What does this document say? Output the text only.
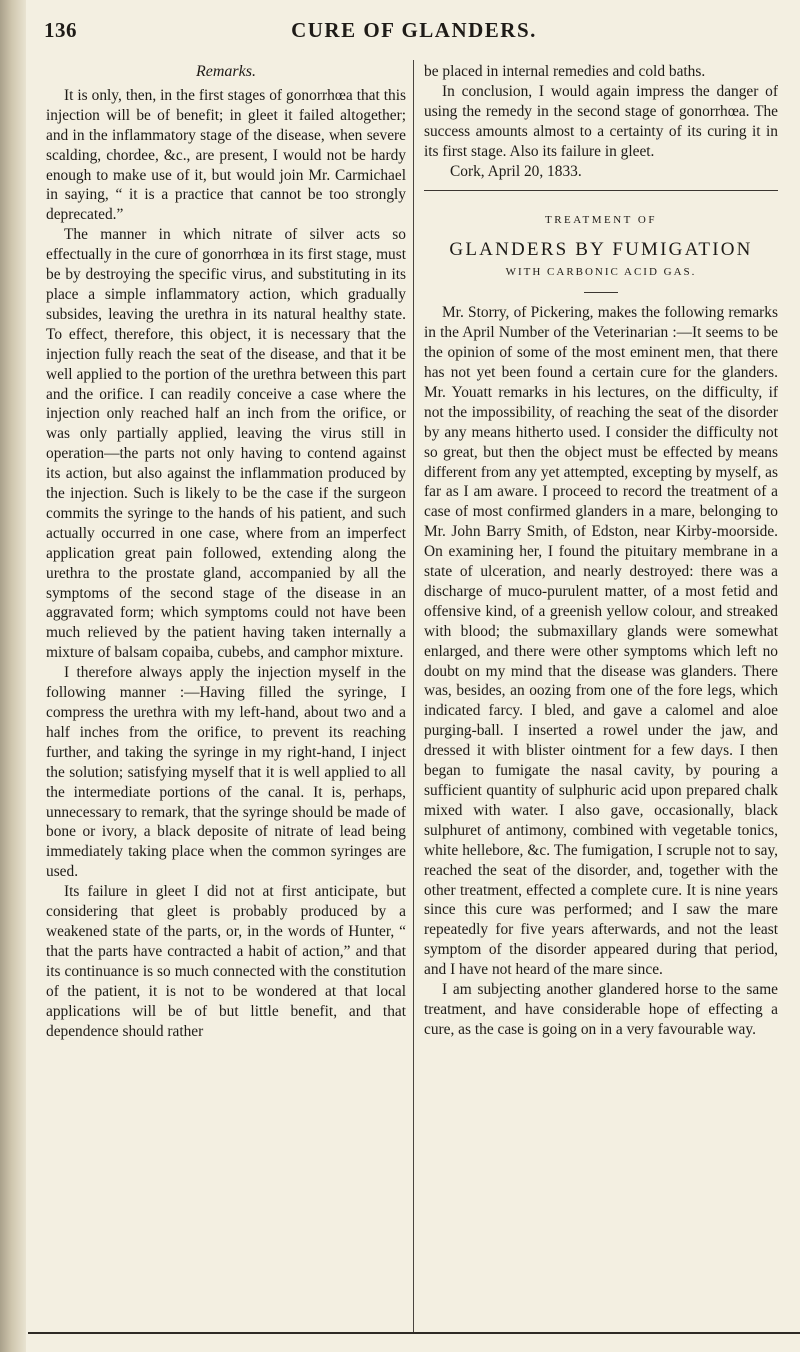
136	CURE OF GLANDERS.

Remarks.

It is only, then, in the first stages of gonorrhœa that this injection will be of benefit; in gleet it failed altogether; and in the inflammatory stage of the disease, when severe scalding, chordee, &c., are present, I would not be hardy enough to make use of it, but would join Mr. Carmichael in saying, “ it is a practice that cannot be too strongly deprecated.”

The manner in which nitrate of silver acts so effectually in the cure of gonorrhœa in its first stage, must be by destroying the specific virus, and substituting in its place a simple inflammatory action, which gradually subsides, leaving the urethra in its natural healthy state. To effect, therefore, this object, it is necessary that the injection fully reach the seat of the disease, and that it be well applied to the portion of the urethra between this part and the orifice. I can readily conceive a case where the injection only reached half an inch from the orifice, or was only partially applied, leaving the virus still in operation—the parts not only having to contend against its action, but also against the inflammation produced by the injection. Such is likely to be the case if the surgeon commits the syringe to the hands of his patient, and such actually occurred in one case, where from an imperfect application great pain followed, extending along the urethra to the prostate gland, accompanied by all the symptoms of the second stage of the disease in an aggravated form; which symptoms could not have been much relieved by the patient having taken internally a mixture of balsam copaiba, cubebs, and camphor mixture.

I therefore always apply the injection myself in the following manner :—Having filled the syringe, I compress the urethra with my left-hand, about two and a half inches from the orifice, to prevent its reaching further, and taking the syringe in my right-hand, I inject the solution; satisfying myself that it is well applied to all the intermediate portions of the canal. It is, perhaps, unnecessary to remark, that the syringe should be made of bone or ivory, a black deposite of nitrate of lead being immediately taking place when the common syringes are used.

Its failure in gleet I did not at first anticipate, but considering that gleet is probably produced by a weakened state of the parts, or, in the words of Hunter, “ that the parts have contracted a habit of action,” and that its continuance is so much connected with the constitution of the patient, it is not to be wondered at that local applications will be of but little benefit, and that dependence should rather

be placed in internal remedies and cold baths.

In conclusion, I would again impress the danger of using the remedy in the second stage of gonorrhœa. The success amounts almost to a certainty of its curing it in its first stage. Also its failure in gleet.

Cork, April 20, 1833.

TREATMENT OF

GLANDERS BY FUMIGATION

WITH CARBONIC ACID GAS.

Mr. Storry, of Pickering, makes the following remarks in the April Number of the Veterinarian :—It seems to be the opinion of some of the most eminent men, that there has not yet been found a certain cure for the glanders. Mr. Youatt remarks in his lectures, on the difficulty, if not the impossibility, of reaching the seat of the disorder by any means hitherto used. I consider the difficulty not so great, but then the object must be effected by means different from any yet attempted, excepting by myself, as far as I am aware. I proceed to record the treatment of a case of most confirmed glanders in a mare, belonging to Mr. John Barry Smith, of Edston, near Kirby-moorside. On examining her, I found the pituitary membrane in a state of ulceration, and nearly destroyed: there was a discharge of muco-purulent matter, of a most fetid and offensive kind, of a greenish yellow colour, and streaked with blood; the submaxillary glands were somewhat enlarged, and there were other symptoms which left no doubt on my mind that the disease was glanders. There was, besides, an oozing from one of the fore legs, which indicated farcy. I bled, and gave a calomel and aloe purging-ball. I inserted a rowel under the jaw, and dressed it with blister ointment for a few days. I then began to fumigate the nasal cavity, by pouring a sufficient quantity of sulphuric acid upon prepared chalk mixed with water. I also gave, occasionally, black sulphuret of antimony, combined with vegetable tonics, white hellebore, &c. The fumigation, I scruple not to say, reached the seat of the disorder, and, together with the other treatment, effected a complete cure. It is nine years since this cure was performed; and I saw the mare repeatedly for five years afterwards, and not the least symptom of the disorder appeared during that period, and I have not heard of the mare since.

I am subjecting another glandered horse to the same treatment, and have considerable hope of effecting a cure, as the case is going on in a very favourable way.
